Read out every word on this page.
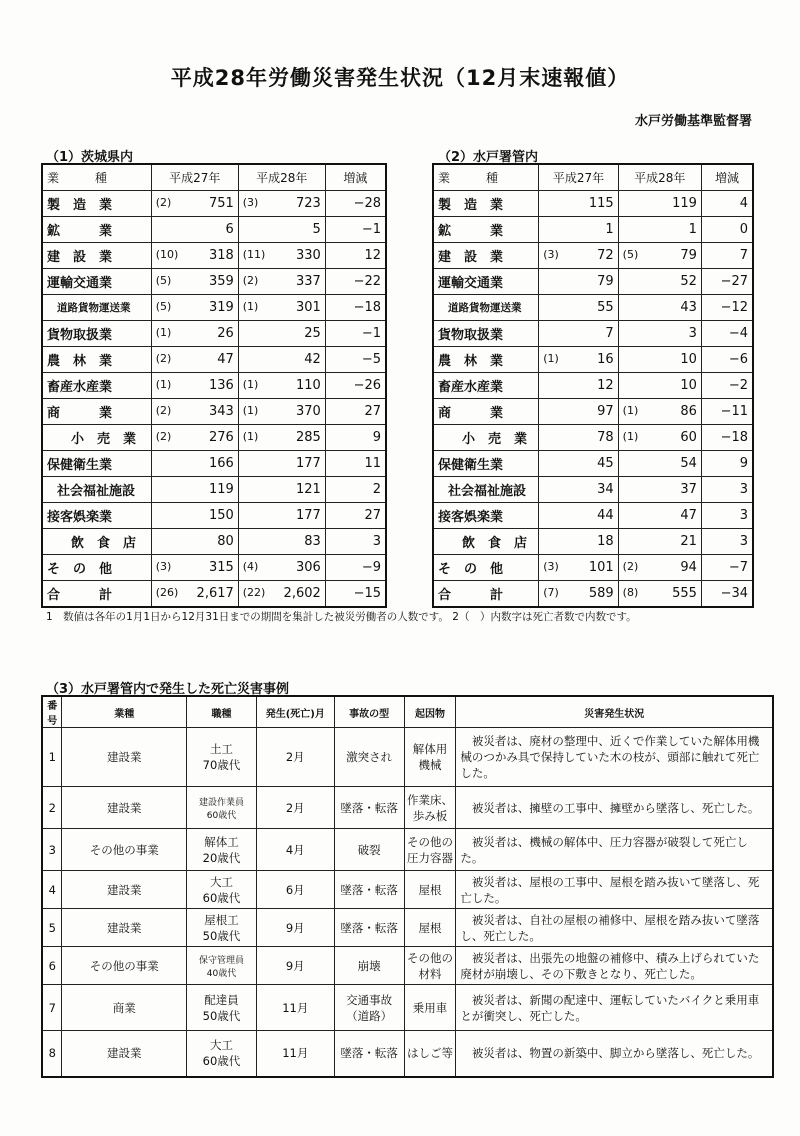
平成28年労働災害発生状況（12月末速報値）
水戸労働基準監督署
（1）茨城県内
業　　　種	平成27年	平成28年	増減
製　造　業	(2) 751	(3) 723	−28
鉱　　　業	6	5	−1
建　設　業	(10) 318	(11) 330	12
運輸交通業	(5) 359	(2) 337	−22
道路貨物運送業	(5) 319	(1) 301	−18
貨物取扱業	(1) 26	25	−1
農　林　業	(2) 47	42	−5
畜産水産業	(1) 136	(1) 110	−26
商　　　業	(2) 343	(1) 370	27
小　売　業	(2) 276	(1) 285	9
保健衛生業	166	177	11
社会福祉施設	119	121	2
接客娯楽業	150	177	27
飲　食　店	80	83	3
そ　の　他	(3) 315	(4) 306	−9
合　　　計	(26) 2,617	(22) 2,602	−15
（2）水戸署管内
業　　　種	平成27年	平成28年	増減
製　造　業	115	119	4
鉱　　　業	1	1	0
建　設　業	(3) 72	(5) 79	7
運輸交通業	79	52	−27
道路貨物運送業	55	43	−12
貨物取扱業	7	3	−4
農　林　業	(1) 16	10	−6
畜産水産業	12	10	−2
商　　　業	97	(1) 86	−11
小　売　業	78	(1) 60	−18
保健衛生業	45	54	9
社会福祉施設	34	37	3
接客娯楽業	44	47	3
飲　食　店	18	21	3
そ　の　他	(3) 101	(2) 94	−7
合　　　計	(7) 589	(8) 555	−34
1　数値は各年の1月1日から12月31日までの期間を集計した被災労働者の人数です。 2（　）内数字は死亡者数で内数です。
（3）水戸署管内で発生した死亡災害事例
番号	業種	職種	発生(死亡)月	事故の型	起因物	災害発生状況
1	建設業	土工
70歳代	2月	激突され	解体用
機械	被災者は、廃材の整理中、近くで作業していた解体用機械のつかみ具で保持していた木の枝が、頭部に触れて死亡した。
2	建設業	建設作業員
60歳代	2月	墜落・転落	作業床、
歩み板	被災者は、擁壁の工事中、擁壁から墜落し、死亡した。
3	その他の事業	解体工
20歳代	4月	破裂	その他の
圧力容器	被災者は、機械の解体中、圧力容器が破裂して死亡した。
4	建設業	大工
60歳代	6月	墜落・転落	屋根	被災者は、屋根の工事中、屋根を踏み抜いて墜落し、死亡した。
5	建設業	屋根工
50歳代	9月	墜落・転落	屋根	被災者は、自社の屋根の補修中、屋根を踏み抜いて墜落し、死亡した。
6	その他の事業	保守管理員
40歳代	9月	崩壊	その他の
材料	被災者は、出張先の地盤の補修中、積み上げられていた廃材が崩壊し、その下敷きとなり、死亡した。
7	商業	配達員
50歳代	11月	交通事故
（道路）	乗用車	被災者は、新聞の配達中、運転していたバイクと乗用車とが衝突し、死亡した。
8	建設業	大工
60歳代	11月	墜落・転落	はしご等	被災者は、物置の新築中、脚立から墜落し、死亡した。
